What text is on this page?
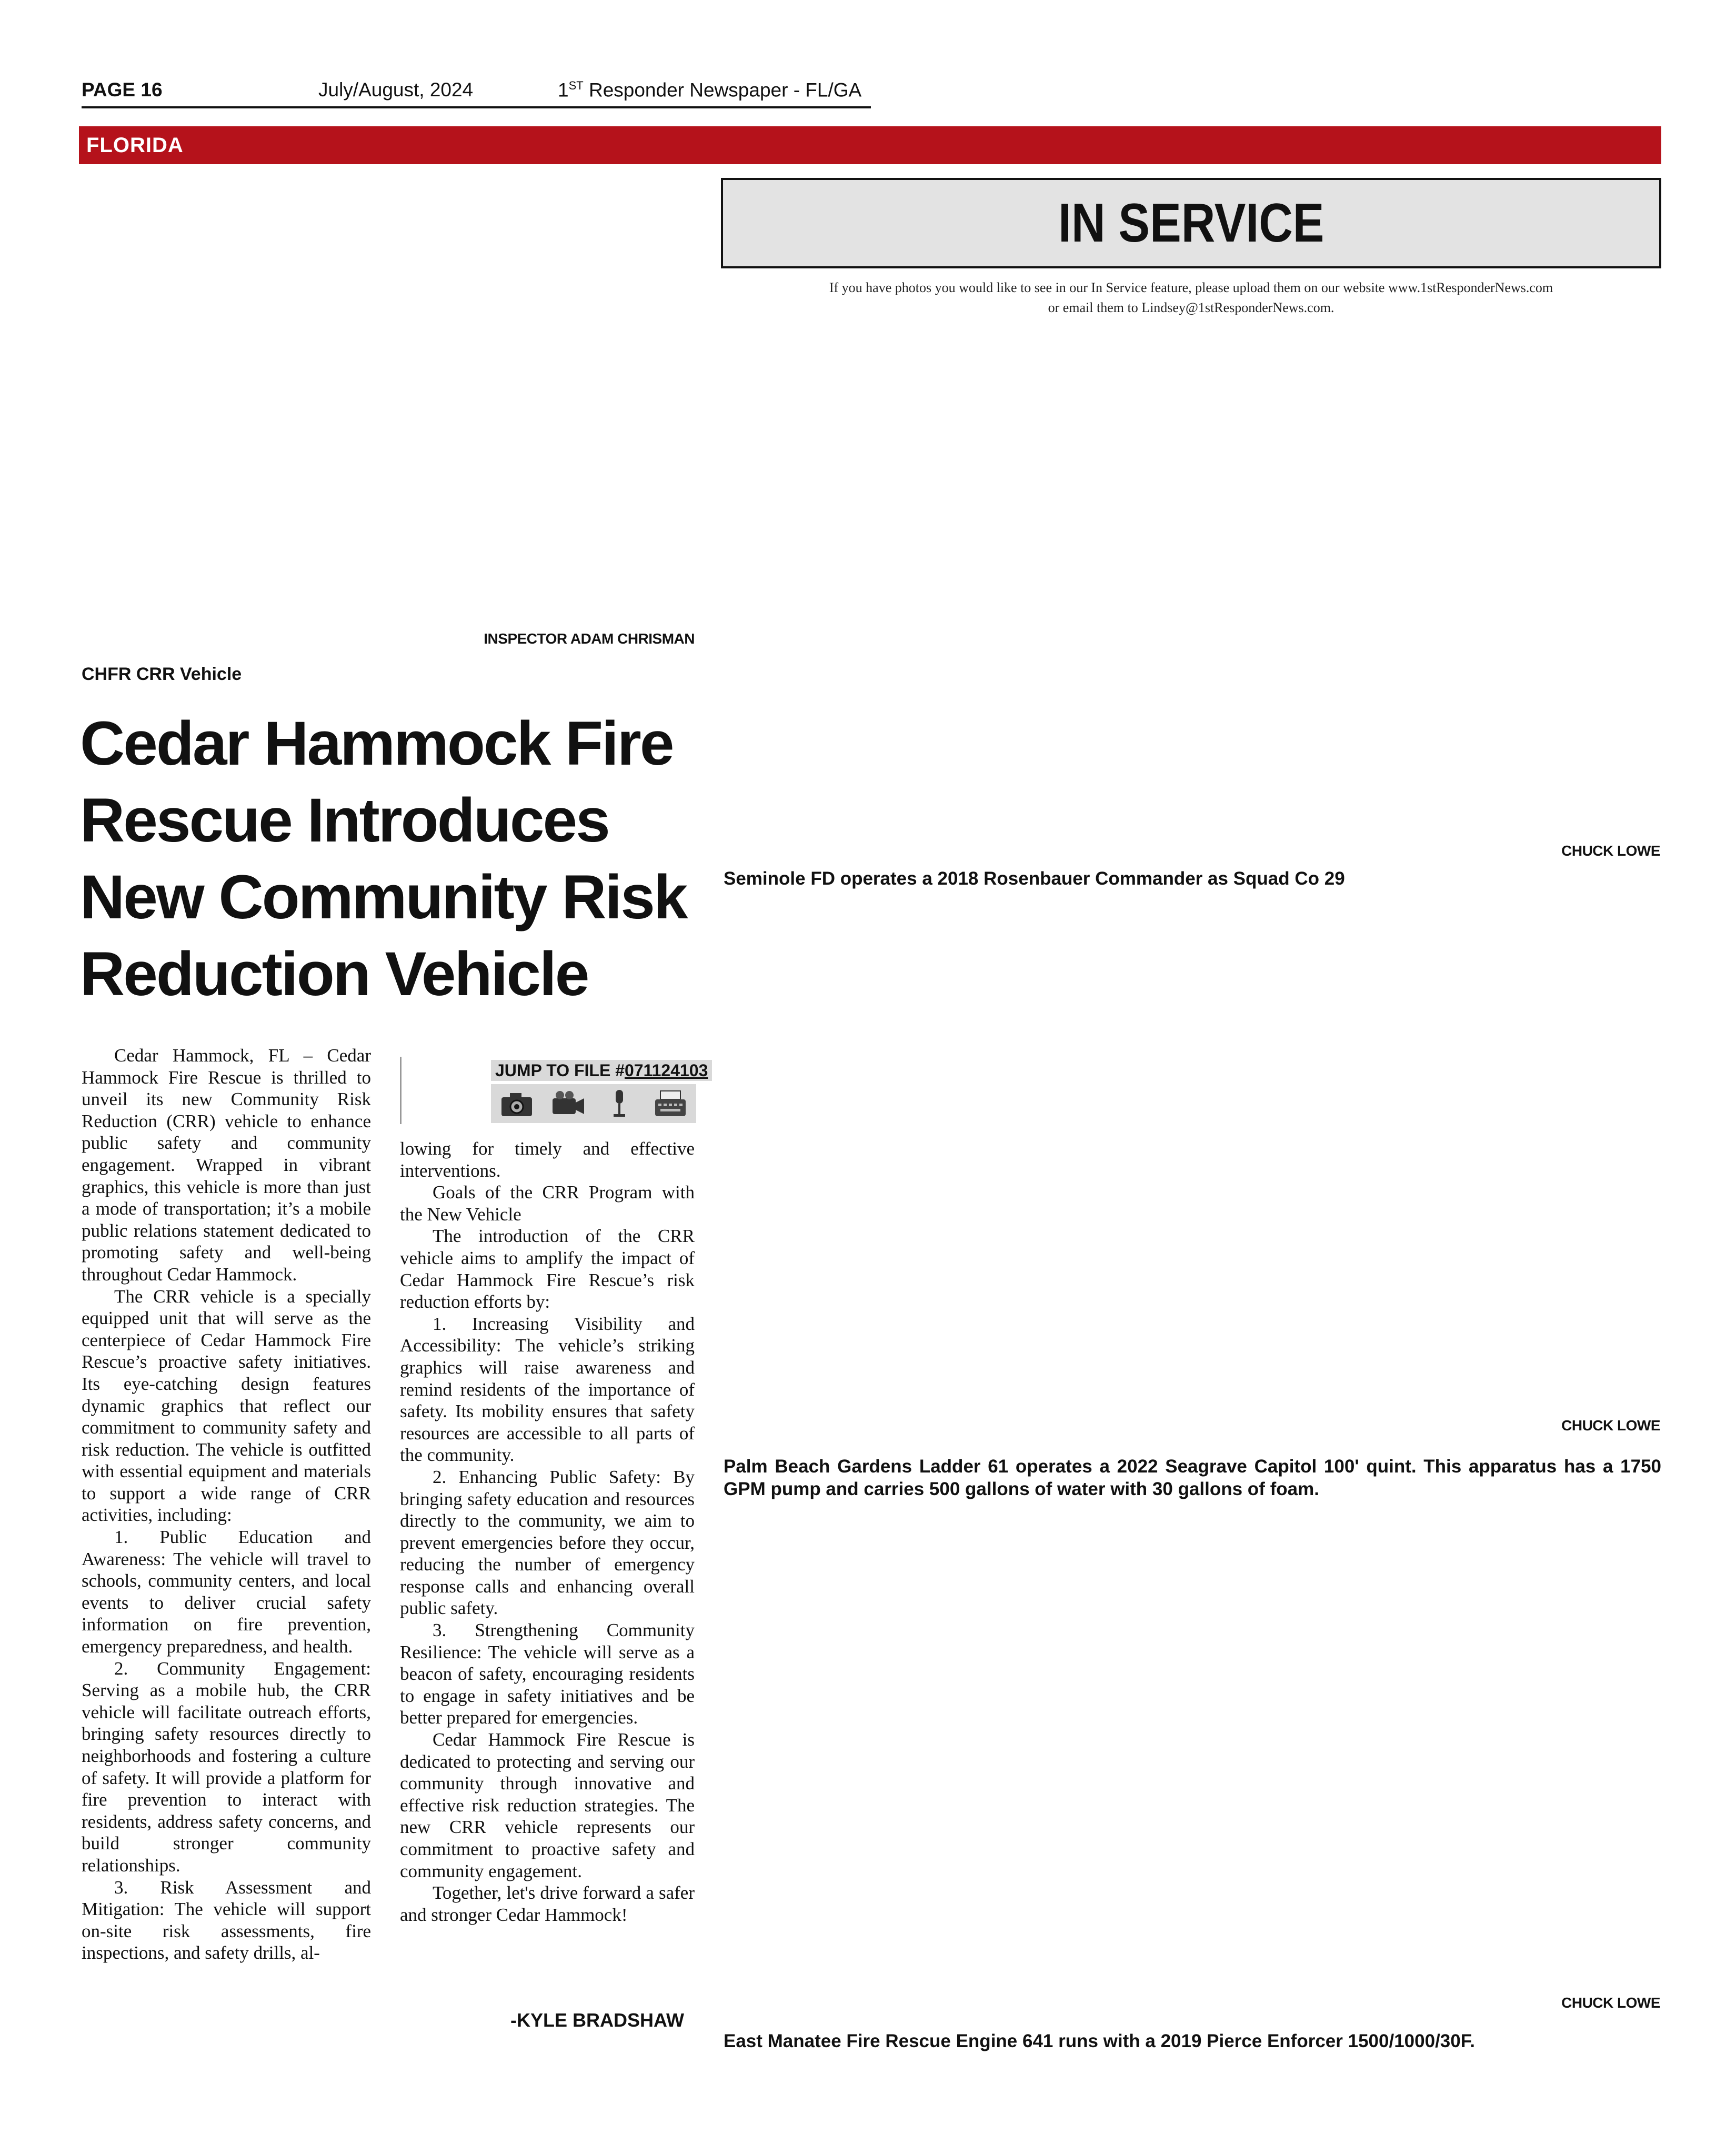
PAGE 16	July/August, 2024	1ST Responder Newspaper - FL/GA
FLORIDA
IN SERVICE
If you have photos you would like to see in our In Service feature, please upload them on our website www.1stResponderNews.com
or email them to Lindsey@1stResponderNews.com.
INSPECTOR ADAM CHRISMAN
CHFR CRR Vehicle
Cedar Hammock Fire Rescue Introduces New Community Risk Reduction Vehicle

Cedar Hammock, FL – Cedar Hammock Fire Rescue is thrilled to unveil its new Community Risk Reduction (CRR) vehicle to enhance public safety and community engagement. Wrapped in vibrant graphics, this vehicle is more than just a mode of transportation; it’s a mobile public relations statement dedicated to promoting safety and well-being throughout Cedar Hammock.

The CRR vehicle is a specially equipped unit that will serve as the centerpiece of Cedar Hammock Fire Rescue’s proactive safety initiatives. Its eye-catching design features dynamic graphics that reflect our commitment to community safety and risk reduction. The vehicle is outfitted with essential equipment and materials to support a wide range of CRR activities, including:

1. Public Education and Awareness: The vehicle will travel to schools, community centers, and local events to deliver crucial safety information on fire prevention, emergency preparedness, and health.

2. Community Engagement: Serving as a mobile hub, the CRR vehicle will facilitate outreach efforts, bringing safety resources directly to neighborhoods and fostering a culture of safety. It will provide a platform for fire prevention to interact with residents, address safety concerns, and build stronger community relationships.

3. Risk Assessment and Mitigation: The vehicle will support on-site risk assessments, fire inspections, and safety drills, al-

JUMP TO FILE #071124103

lowing for timely and effective interventions.

Goals of the CRR Program with the New Vehicle

The introduction of the CRR vehicle aims to amplify the impact of Cedar Hammock Fire Rescue’s risk reduction efforts by:

1. Increasing Visibility and Accessibility: The vehicle’s striking graphics will raise awareness and remind residents of the importance of safety. Its mobility ensures that safety resources are accessible to all parts of the community.

2. Enhancing Public Safety: By bringing safety education and resources directly to the community, we aim to prevent emergencies before they occur, reducing the number of emergency response calls and enhancing overall public safety.

3. Strengthening Community Resilience: The vehicle will serve as a beacon of safety, encouraging residents to engage in safety initiatives and be better prepared for emergencies.

Cedar Hammock Fire Rescue is dedicated to protecting and serving our community through innovative and effective risk reduction strategies. The new CRR vehicle represents our commitment to proactive safety and community engagement.

Together, let's drive forward a safer and stronger Cedar Hammock!

-KYLE BRADSHAW
CHUCK LOWE
Seminole FD operates a 2018 Rosenbauer Commander as Squad Co 29
CHUCK LOWE
Palm Beach Gardens Ladder 61 operates a 2022 Seagrave Capitol 100' quint. This apparatus has a 1750 GPM pump and carries 500 gallons of water with 30 gallons of foam.
CHUCK LOWE
East Manatee Fire Rescue Engine 641 runs with a 2019 Pierce Enforcer 1500/1000/30F.
